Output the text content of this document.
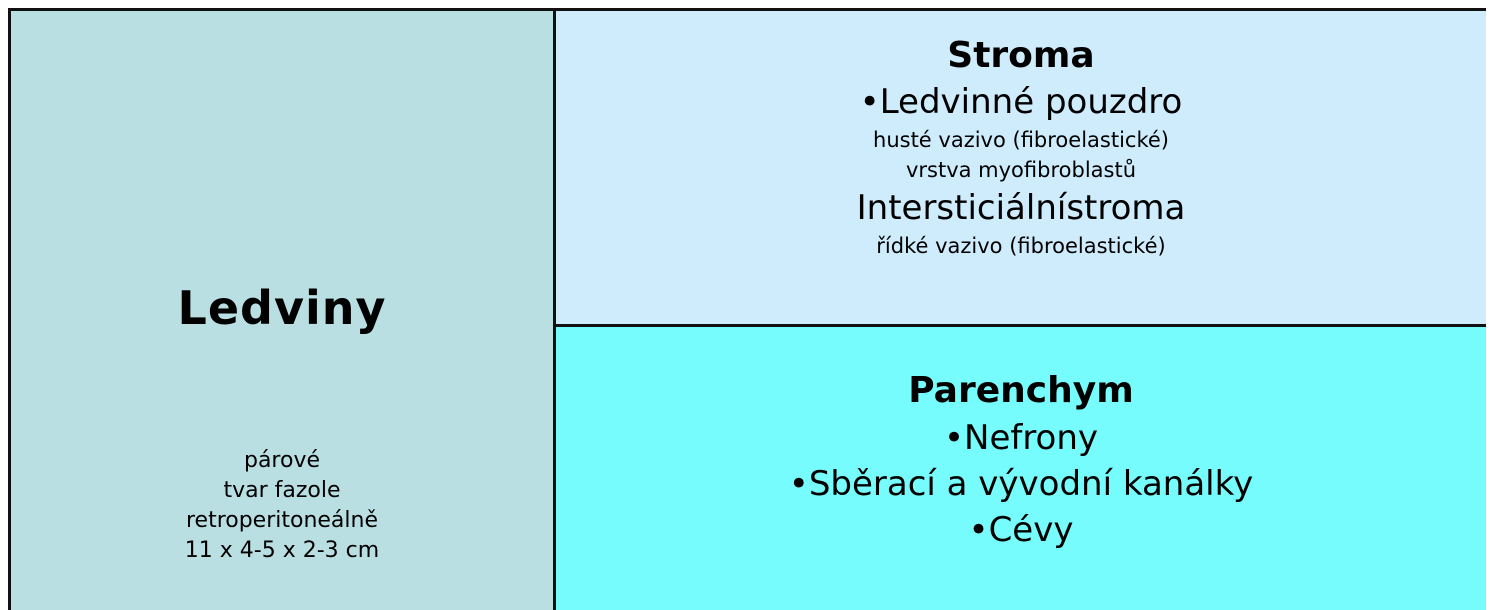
Ledviny
párové
tvar fazole
retroperitoneálně
11 x 4-5 x 2-3 cm
Stroma
•Ledvinné pouzdro
husté vazivo (fibroelastické)
vrstva myofibroblastů
Intersticiálnístroma
řídké vazivo (fibroelastické)
Parenchym
•Nefrony
•Sběrací a vývodní kanálky
•Cévy
